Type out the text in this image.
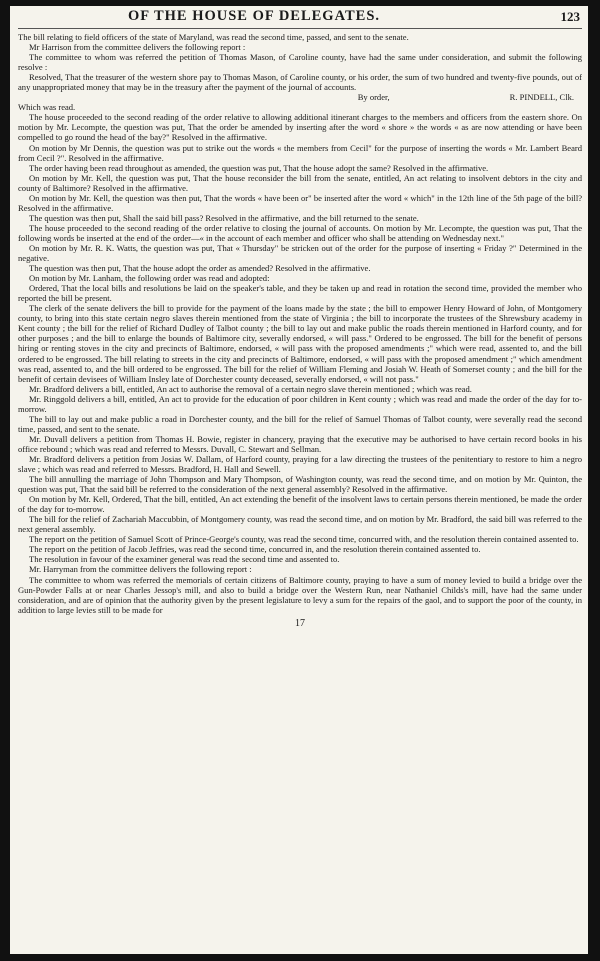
OF THE HOUSE OF DELEGATES.	123

The bill relating to field officers of the state of Maryland, was read the second time, passed, and sent to the senate.

Mr Harrison from the committee delivers the following report :

The committee to whom was referred the petition of Thomas Mason, of Caroline county, have had the same under consideration, and submit the following resolve :

Resolved, That the treasurer of the western shore pay to Thomas Mason, of Caroline county, or his order, the sum of two hundred and twenty-five pounds, out of any unappropriated money that may be in the treasury after the payment of the journal of accounts.

By order,	R. PINDELL, Clk.

Which was read.

The house proceeded to the second reading of the order relative to allowing additional itinerant charges to the members and officers from the eastern shore. On motion by Mr. Lecompte, the question was put, That the order be amended by inserting after the word « shore » the words « as are now attending or have been compelled to go round the head of the bay?" Resolved in the affirmative.

On motion by Mr Dennis, the question was put to strike out the words « the members from Cecil" for the purpose of inserting the words « Mr. Lambert Beard from Cecil ?". Resolved in the affirmative.

The order having been read throughout as amended, the question was put, That the house adopt the same? Resolved in the affirmative.

On motion by Mr. Kell, the question was put, That the house reconsider the bill from the senate, entitled, An act relating to insolvent debtors in the city and county of Baltimore? Resolved in the affirmative.

On motion by Mr. Kell, the question was then put, That the words « have been or" be inserted after the word « which" in the 12th line of the 5th page of the bill? Resolved in the affirmative.

The question was then put, Shall the said bill pass? Resolved in the affirmative, and the bill returned to the senate.

The house proceeded to the second reading of the order relative to closing the journal of accounts. On motion by Mr. Lecompte, the question was put, That the following words be inserted at the end of the order—« in the account of each member and officer who shall be attending on Wednesday next."

On motion by Mr. R. K. Watts, the question was put, That « Thursday" be stricken out of the order for the purpose of inserting « Friday ?" Determined in the negative.

The question was then put, That the house adopt the order as amended? Resolved in the affirmative.

On motion by Mr. Lanham, the following order was read and adopted:

Ordered, That the local bills and resolutions be laid on the speaker's table, and they be taken up and read in rotation the second time, provided the member who reported the bill be present.

The clerk of the senate delivers the bill to provide for the payment of the loans made by the state ; the bill to empower Henry Howard of John, of Montgomery county, to bring into this state certain negro slaves therein mentioned from the state of Virginia ; the bill to incorporate the trustees of the Shrewsbury academy in Kent county ; the bill for the relief of Richard Dudley of Talbot county ; the bill to lay out and make public the roads therein mentioned in Harford county, and for other purposes ; and the bill to enlarge the bounds of Baltimore city, severally endorsed, « will pass." Ordered to be engrossed. The bill for the benefit of persons hiring or renting stoves in the city and precincts of Baltimore, endorsed, « will pass with the proposed amendments ;" which were read, assented to, and the bill ordered to be engrossed. The bill relating to streets in the city and precincts of Baltimore, endorsed, « will pass with the proposed amendment ;" which amendment was read, assented to, and the bill ordered to be engrossed. The bill for the relief of William Fleming and Josiah W. Heath of Somerset county ; and the bill for the benefit of certain devisees of William Insley late of Dorchester county deceased, severally endorsed, « will not pass."

Mr. Bradford delivers a bill, entitled, An act to authorise the removal of a certain negro slave therein mentioned ; which was read.

Mr. Ringgold delivers a bill, entitled, An act to provide for the education of poor children in Kent county ; which was read and made the order of the day for to-morrow.

The bill to lay out and make public a road in Dorchester county, and the bill for the relief of Samuel Thomas of Talbot county, were severally read the second time, passed, and sent to the senate.

Mr. Duvall delivers a petition from Thomas H. Bowie, register in chancery, praying that the executive may be authorised to have certain record books in his office rebound ; which was read and referred to Messrs. Duvall, C. Stewart and Sellman.

Mr. Bradford delivers a petition from Josias W. Dallam, of Harford county, praying for a law directing the trustees of the penitentiary to restore to him a negro slave ; which was read and referred to Messrs. Bradford, H. Hall and Sewell.

The bill annulling the marriage of John Thompson and Mary Thompson, of Washington county, was read the second time, and on motion by Mr. Quinton, the question was put, That the said bill be referred to the consideration of the next general assembly? Resolved in the affirmative.

On motion by Mr. Kell, Ordered, That the bill, entitled, An act extending the benefit of the insolvent laws to certain persons therein mentioned, be made the order of the day for to-morrow.

The bill for the relief of Zachariah Maccubbin, of Montgomery county, was read the second time, and on motion by Mr. Bradford, the said bill was referred to the next general assembly.

The report on the petition of Samuel Scott of Prince-George's county, was read the second time, concurred with, and the resolution therein contained assented to.

The report on the petition of Jacob Jeffries, was read the second time, concurred in, and the resolution therein contained assented to.

The resolution in favour of the examiner general was read the second time and assented to.

Mr. Harryman from the committee delivers the following report :

The committee to whom was referred the memorials of certain citizens of Baltimore county, praying to have a sum of money levied to build a bridge over the Gun-Powder Falls at or near Charles Jessop's mill, and also to build a bridge over the Western Run, near Nathaniel Childs's mill, have had the same under consideration, and are of opinion that the authority given by the present legislature to levy a sum for the repairs of the gaol, and to support the poor of the county, in addition to large levies still to be made for

17
